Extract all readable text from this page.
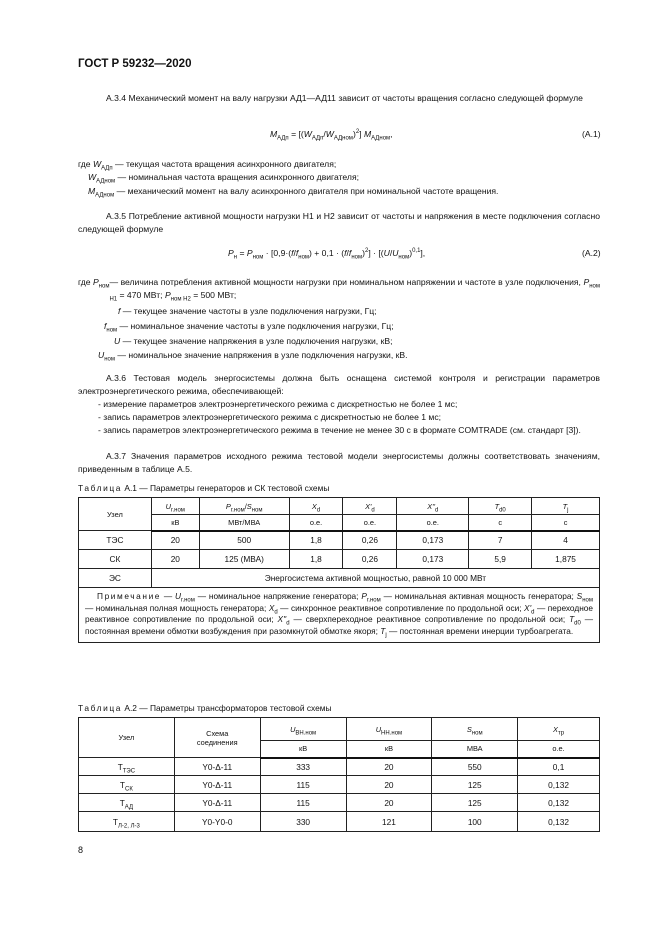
ГОСТ Р 59232—2020
А.3.4 Механический момент на валу нагрузки АД1—АД11 зависит от частоты вращения согласно следующей формуле
$M_{АДп} = [(W_{АДп}/W_{АДном})^2]$ $M_{АДном}$,	(А.1)
где $W_{АДп}$ — текущая частота вращения асинхронного двигателя;
$W_{АДном}$ — номинальная частота вращения асинхронного двигателя;
$M_{АДном}$ — механический момент на валу асинхронного двигателя при номинальной частоте вращения.
А.3.5 Потребление активной мощности нагрузки Н1 и Н2 зависит от частоты и напряжения в месте подключения согласно следующей формуле
$P_н = P_{ном} \cdot [0,9\cdot(f/f_{ном}) + 0,1 \cdot (f/f_{ном})^2] \cdot [(U/U_{ном})^{0,1}]$,	(А.2)
где $P_{ном}$ — величина потребления активной мощности нагрузки при номинальном напряжении и частоте в узле подключения, $P_{ном Н1} = 470$ МВт; $P_{ном Н2} = 500$ МВт;
f — текущее значение частоты в узле подключения нагрузки, Гц;
$f_{ном}$ — номинальное значение частоты в узле подключения нагрузки, Гц;
U — текущее значение напряжения в узле подключения нагрузки, кВ;
$U_{ном}$ — номинальное значение напряжения в узле подключения нагрузки, кВ.
А.3.6 Тестовая модель энергосистемы должна быть оснащена системой контроля и регистрации параметров электроэнергетического режима, обеспечивающей:
- измерение параметров электроэнергетического режима с дискретностью не более 1 мс;
- запись параметров электроэнергетического режима с дискретностью не более 1 мс;
- запись параметров электроэнергетического режима в течение не менее 30 с в формате COMTRADE (см. стандарт [3]).
А.3.7 Значения параметров исходного режима тестовой модели энергосистемы должны соответствовать значениям, приведенным в таблице А.5.
Таблица А.1 — Параметры генераторов и СК тестовой схемы
Узел	$U_{г.ном}$	$P_{г.ном}/S_{ном}$	$X_d$	$X'_d$	$X''_d$	$T_{d0}$	$T_j$
	кВ	МВт/МВА	о.е.	о.е.	о.е.	с	с
ТЭС	20	500	1,8	0,26	0,173	7	4
СК	20	125 (МВА)	1,8	0,26	0,173	5,9	1,875
ЭС	Энергосистема активной мощностью, равной 10 000 МВт						
Примечание — $U_{г.ном}$ — номинальное напряжение генератора; $P_{г.ном}$ — номинальная активная мощность генератора; $S_{ном}$ — номинальная полная мощность генератора; $X_d$ — синхронное реактивное сопротивление по продольной оси; $X'_d$ — переходное реактивное сопротивление по продольной оси; $X''_d$ — сверхпереходное реактивное сопротивление по продольной оси; $T_{d0}$ — постоянная времени обмотки возбуждения при разомкнутой обмотке якоря; $T_j$ — постоянная времени инерции турбоагрегата.							
Таблица А.2 — Параметры трансформаторов тестовой схемы
Узел	Схема соединения	$U_{ВН.ном}$	$U_{НН.ном}$	$S_{ном}$	$X_{тр}$
		кВ	кВ	МВА	о.е.
$Т_{ТЭС}$	Y0-Δ-11	333	20	550	0,1
$Т_{СК}$	Y0-Δ-11	115	20	125	0,132
$Т_{АД}$	Y0-Δ-11	115	20	125	0,132
$Т_{Л-2, Л-3}$	Y0-Y0-0	330	121	100	0,132
8
